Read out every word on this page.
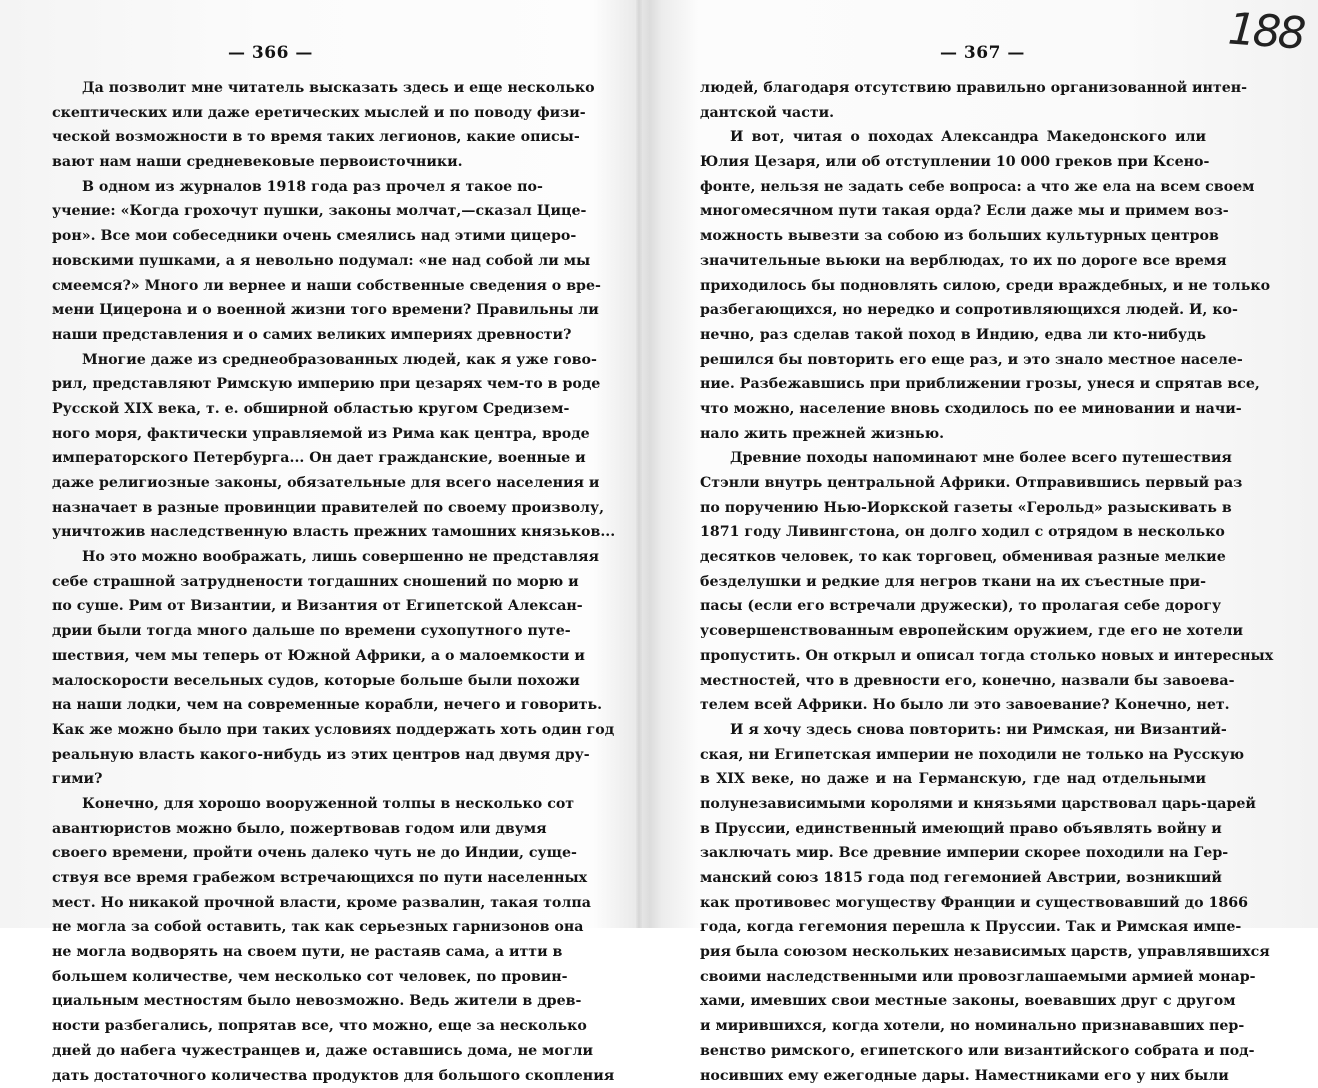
— 366 —
Да позволит мне читатель высказать здесь и еще несколько
скептических или даже еретических мыслей и по поводу физи-
ческой возможности в то время таких легионов, какие описы-
вают нам наши средневековые первоисточники.
В одном из журналов 1918 года раз прочел я такое по-
учение: «Когда грохочут пушки, законы молчат,—сказал Цице-
рон». Все мои собеседники очень смеялись над этими цицеро-
новскими пушками, а я невольно подумал: «не над собой ли мы
смеемся?» Много ли вернее и наши собственные сведения о вре-
мени Цицерона и о военной жизни того времени? Правильны ли
наши представления и о самих великих империях древности?
Многие даже из среднеобразованных людей, как я уже гово-
рил, представляют Римскую империю при цезарях чем-то в роде
Русской XIX века, т. е. обширной областью кругом Средизем-
ного моря, фактически управляемой из Рима как центра, вроде
императорского Петербурга... Он дает гражданские, военные и
даже религиозные законы, обязательные для всего населения и
назначает в разные провинции правителей по своему произволу,
уничтожив наследственную власть прежних тамошних князьков...
Но это можно воображать, лишь совершенно не представляя
себе страшной затруднености тогдашних сношений по морю и
по суше. Рим от Византии, и Византия от Египетской Алексан-
дрии были тогда много дальше по времени сухопутного путе-
шествия, чем мы теперь от Южной Африки, а о малоемкости и
малоскорости весельных судов, которые больше были похожи
на наши лодки, чем на современные корабли, нечего и говорить.
Как же можно было при таких условиях поддержать хоть один год
реальную власть какого-нибудь из этих центров над двумя дру-
гими?
Конечно, для хорошо вооруженной толпы в несколько сот
авантюристов можно было, пожертвовав годом или двумя
своего времени, пройти очень далеко чуть не до Индии, суще-
ствуя все время грабежом встречающихся по пути населенных
мест. Но никакой прочной власти, кроме развалин, такая толпа
не могла за собой оставить, так как серьезных гарнизонов она
не могла водворять на своем пути, не растаяв сама, а итти в
большем количестве, чем несколько сот человек, по провин-
циальным местностям было невозможно. Ведь жители в древ-
ности разбегались, попрятав все, что можно, еще за несколько
дней до набега чужестранцев и, даже оставшись дома, не могли
дать достаточного количества продуктов для большого скопления
— 367 —
людей, благодаря отсутствию правильно организованной интен-
дантской части.
И вот, читая о походах Александра Македонского или
Юлия Цезаря, или об отступлении 10 000 греков при Ксено-
фонте, нельзя не задать себе вопроса: а что же ела на всем своем
многомесячном пути такая орда? Если даже мы и примем воз-
можность вывезти за собою из больших культурных центров
значительные вьюки на верблюдах, то их по дороге все время
приходилось бы подновлять силою, среди враждебных, и не только
разбегающихся, но нередко и сопротивляющихся людей. И, ко-
нечно, раз сделав такой поход в Индию, едва ли кто-нибудь
решился бы повторить его еще раз, и это знало местное населе-
ние. Разбежавшись при приближении грозы, унеся и спрятав все,
что можно, население вновь сходилось по ее миновании и начи-
нало жить прежней жизнью.
Древние походы напоминают мне более всего путешествия
Стэнли внутрь центральной Африки. Отправившись первый раз
по поручению Нью-Иоркской газеты «Герольд» разыскивать в
1871 году Ливингстона, он долго ходил с отрядом в несколько
десятков человек, то как торговец, обменивая разные мелкие
безделушки и редкие для негров ткани на их съестные при-
пасы (если его встречали дружески), то пролагая себе дорогу
усовершенствованным европейским оружием, где его не хотели
пропустить. Он открыл и описал тогда столько новых и интересных
местностей, что в древности его, конечно, назвали бы завоева-
телем всей Африки. Но было ли это завоевание? Конечно, нет.
И я хочу здесь снова повторить: ни Римская, ни Византий-
ская, ни Египетская империи не походили не только на Русскую
в XIX веке, но даже и на Германскую, где над отдельными
полунезависимыми королями и князьями царствовал царь-царей
в Пруссии, единственный имеющий право объявлять войну и
заключать мир. Все древние империи скорее походили на Гер-
манский союз 1815 года под гегемонией Австрии, возникший
как противовес могуществу Франции и существовавший до 1866
года, когда гегемония перешла к Пруссии. Так и Римская импе-
рия была союзом нескольких независимых царств, управлявшихся
своими наследственными или провозглашаемыми армией монар-
хами, имевших свои местные законы, воевавших друг с другом
и мирившихся, когда хотели, но номинально признававших пер-
венство римского, египетского или византийского собрата и под-
носивших ему ежегодные дары. Наместниками его у них были
188
